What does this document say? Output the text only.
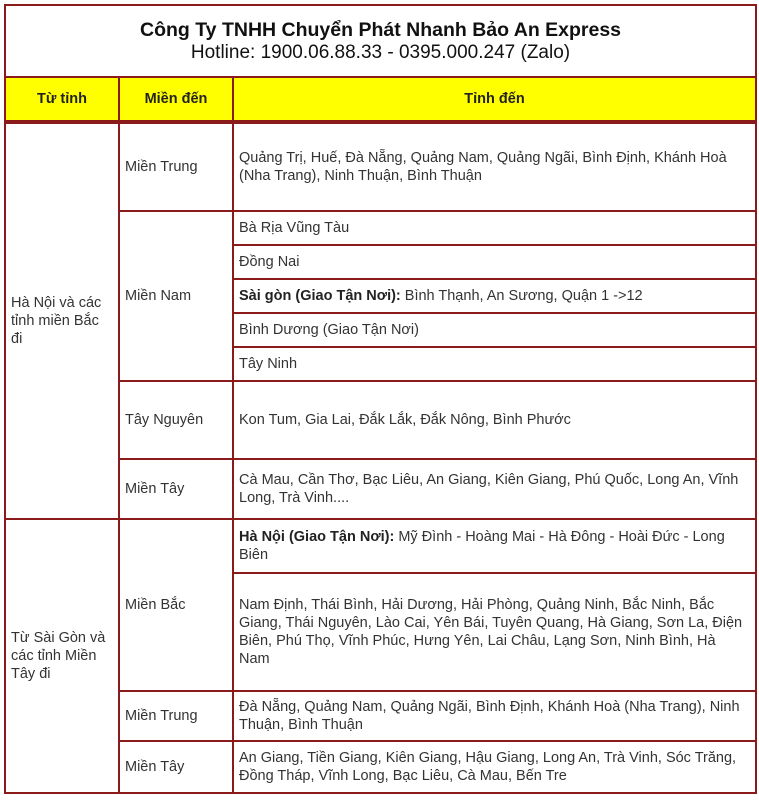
Công Ty TNHH Chuyển Phát Nhanh Bảo An Express
Hotline: 1900.06.88.33 - 0395.000.247 (Zalo)		

Từ tỉnh	Miền đến	Tỉnh đến

Hà Nội và các tỉnh miền Bắc đi	Miền Trung	Quảng Trị, Huế, Đà Nẵng, Quảng Nam, Quảng Ngãi, Bình Định, Khánh Hoà (Nha Trang), Ninh Thuận, Bình Thuận
	Miền Nam	Bà Rịa Vũng Tàu
		Đồng Nai
		Sài gòn (Giao Tận Nơi): Bình Thạnh, An Sương, Quận 1 ->12
		Bình Dương (Giao Tận Nơi)
		Tây Ninh
	Tây Nguyên	Kon Tum, Gia Lai, Đắk Lắk, Đắk Nông, Bình Phước
	Miền Tây	Cà Mau, Cần Thơ, Bạc Liêu, An Giang, Kiên Giang, Phú Quốc, Long An, Vĩnh Long, Trà Vinh....
Từ Sài Gòn và các tỉnh Miền Tây đi	Miền Bắc	Hà Nội (Giao Tận Nơi): Mỹ Đình - Hoàng Mai - Hà Đông - Hoài Đức - Long Biên
		Nam Định, Thái Bình, Hải Dương, Hải Phòng, Quảng Ninh, Bắc Ninh, Bắc Giang, Thái Nguyên, Lào Cai, Yên Bái, Tuyên Quang, Hà Giang, Sơn La, Điện Biên, Phú Thọ, Vĩnh Phúc, Hưng Yên, Lai Châu, Lạng Sơn, Ninh Bình, Hà Nam
	Miền Trung	Đà Nẵng, Quảng Nam, Quảng Ngãi, Bình Định, Khánh Hoà (Nha Trang), Ninh Thuận, Bình Thuận
	Miền Tây	An Giang, Tiền Giang, Kiên Giang, Hậu Giang, Long An, Trà Vinh, Sóc Trăng, Đồng Tháp, Vĩnh Long, Bạc Liêu, Cà Mau, Bến Tre
